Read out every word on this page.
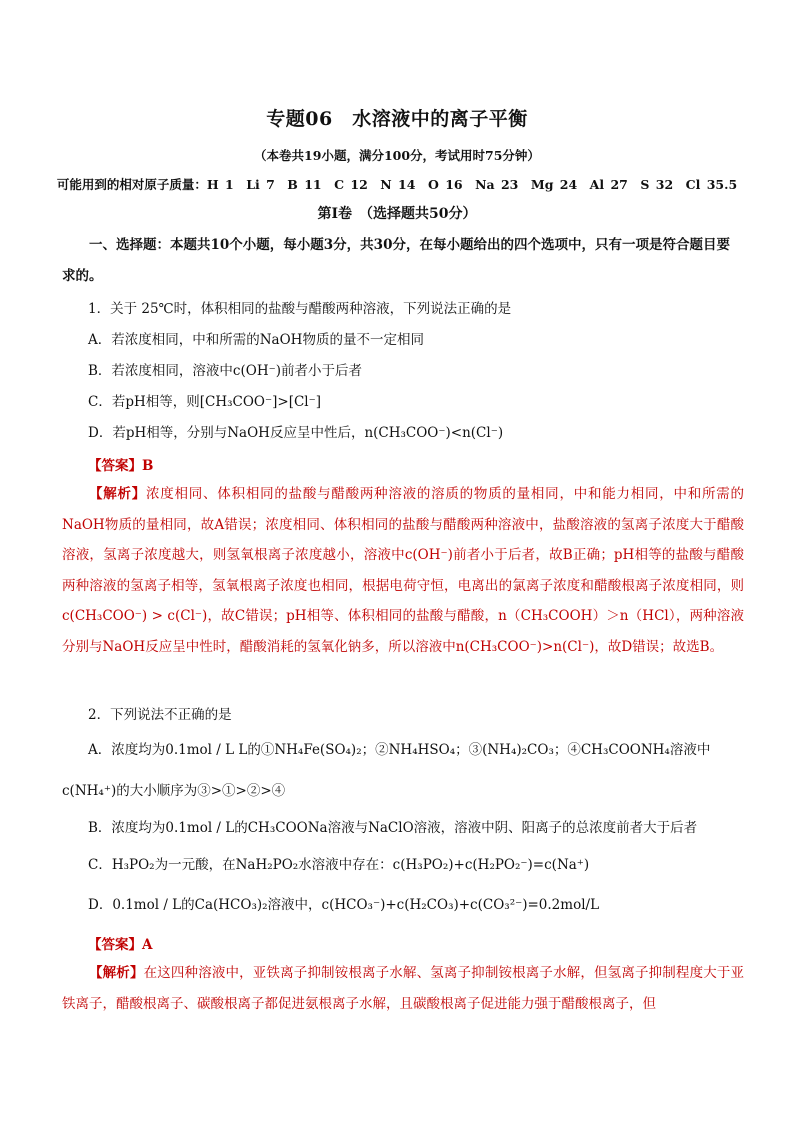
专题06　水溶液中的离子平衡
（本卷共19小题，满分100分，考试用时75分钟）
可能用到的相对原子质量：H 1　Li 7　B 11　C 12　N 14　O 16　Na 23　Mg 24　Al 27　S 32　Cl 35.5
第Ⅰ卷　（选择题共50分）
一、选择题：本题共10个小题，每小题3分，共30分，在每小题给出的四个选项中，只有一项是符合题目要求的。
1．关于 25℃时，体积相同的盐酸与醋酸两种溶液，下列说法正确的是
A．若浓度相同，中和所需的NaOH物质的量不一定相同
B．若浓度相同，溶液中c(OH⁻)前者小于后者
C．若pH相等，则[CH₃COO⁻]>[Cl⁻]
D．若pH相等，分别与NaOH反应呈中性后，n(CH₃COO⁻)<n(Cl⁻)
【答案】B
【解析】浓度相同、体积相同的盐酸与醋酸两种溶液的溶质的物质的量相同，中和能力相同，中和所需的NaOH物质的量相同，故A错误；浓度相同、体积相同的盐酸与醋酸两种溶液中，盐酸溶液的氢离子浓度大于醋酸溶液，氢离子浓度越大，则氢氧根离子浓度越小，溶液中c(OH⁻)前者小于后者，故B正确；pH相等的盐酸与醋酸两种溶液的氢离子相等，氢氧根离子浓度也相同，根据电荷守恒，电离出的氯离子浓度和醋酸根离子浓度相同，则c(CH₃COO⁻) > c(Cl⁻)，故C错误；pH相等、体积相同的盐酸与醋酸，n（CH₃COOH）＞n（HCl），两种溶液分别与NaOH反应呈中性时，醋酸消耗的氢氧化钠多，所以溶液中n(CH₃COO⁻)>n(Cl⁻)，故D错误；故选B。
2．下列说法不正确的是
A．浓度均为0.1mol / L L的①NH₄Fe(SO₄)₂；②NH₄HSO₄；③(NH₄)₂CO₃；④CH₃COONH₄溶液中
c(NH₄⁺)的大小顺序为③>①>②>④
B．浓度均为0.1mol / L的CH₃COONa溶液与NaClO溶液，溶液中阴、阳离子的总浓度前者大于后者
C．H₃PO₂为一元酸，在NaH₂PO₂水溶液中存在：c(H₃PO₂)+c(H₂PO₂⁻)=c(Na⁺)
D．0.1mol / L的Ca(HCO₃)₂溶液中，c(HCO₃⁻)+c(H₂CO₃)+c(CO₃²⁻)=0.2mol/L
【答案】A
【解析】在这四种溶液中，亚铁离子抑制铵根离子水解、氢离子抑制铵根离子水解，但氢离子抑制程度大于亚铁离子，醋酸根离子、碳酸根离子都促进氨根离子水解，且碳酸根离子促进能力强于醋酸根离子，但
